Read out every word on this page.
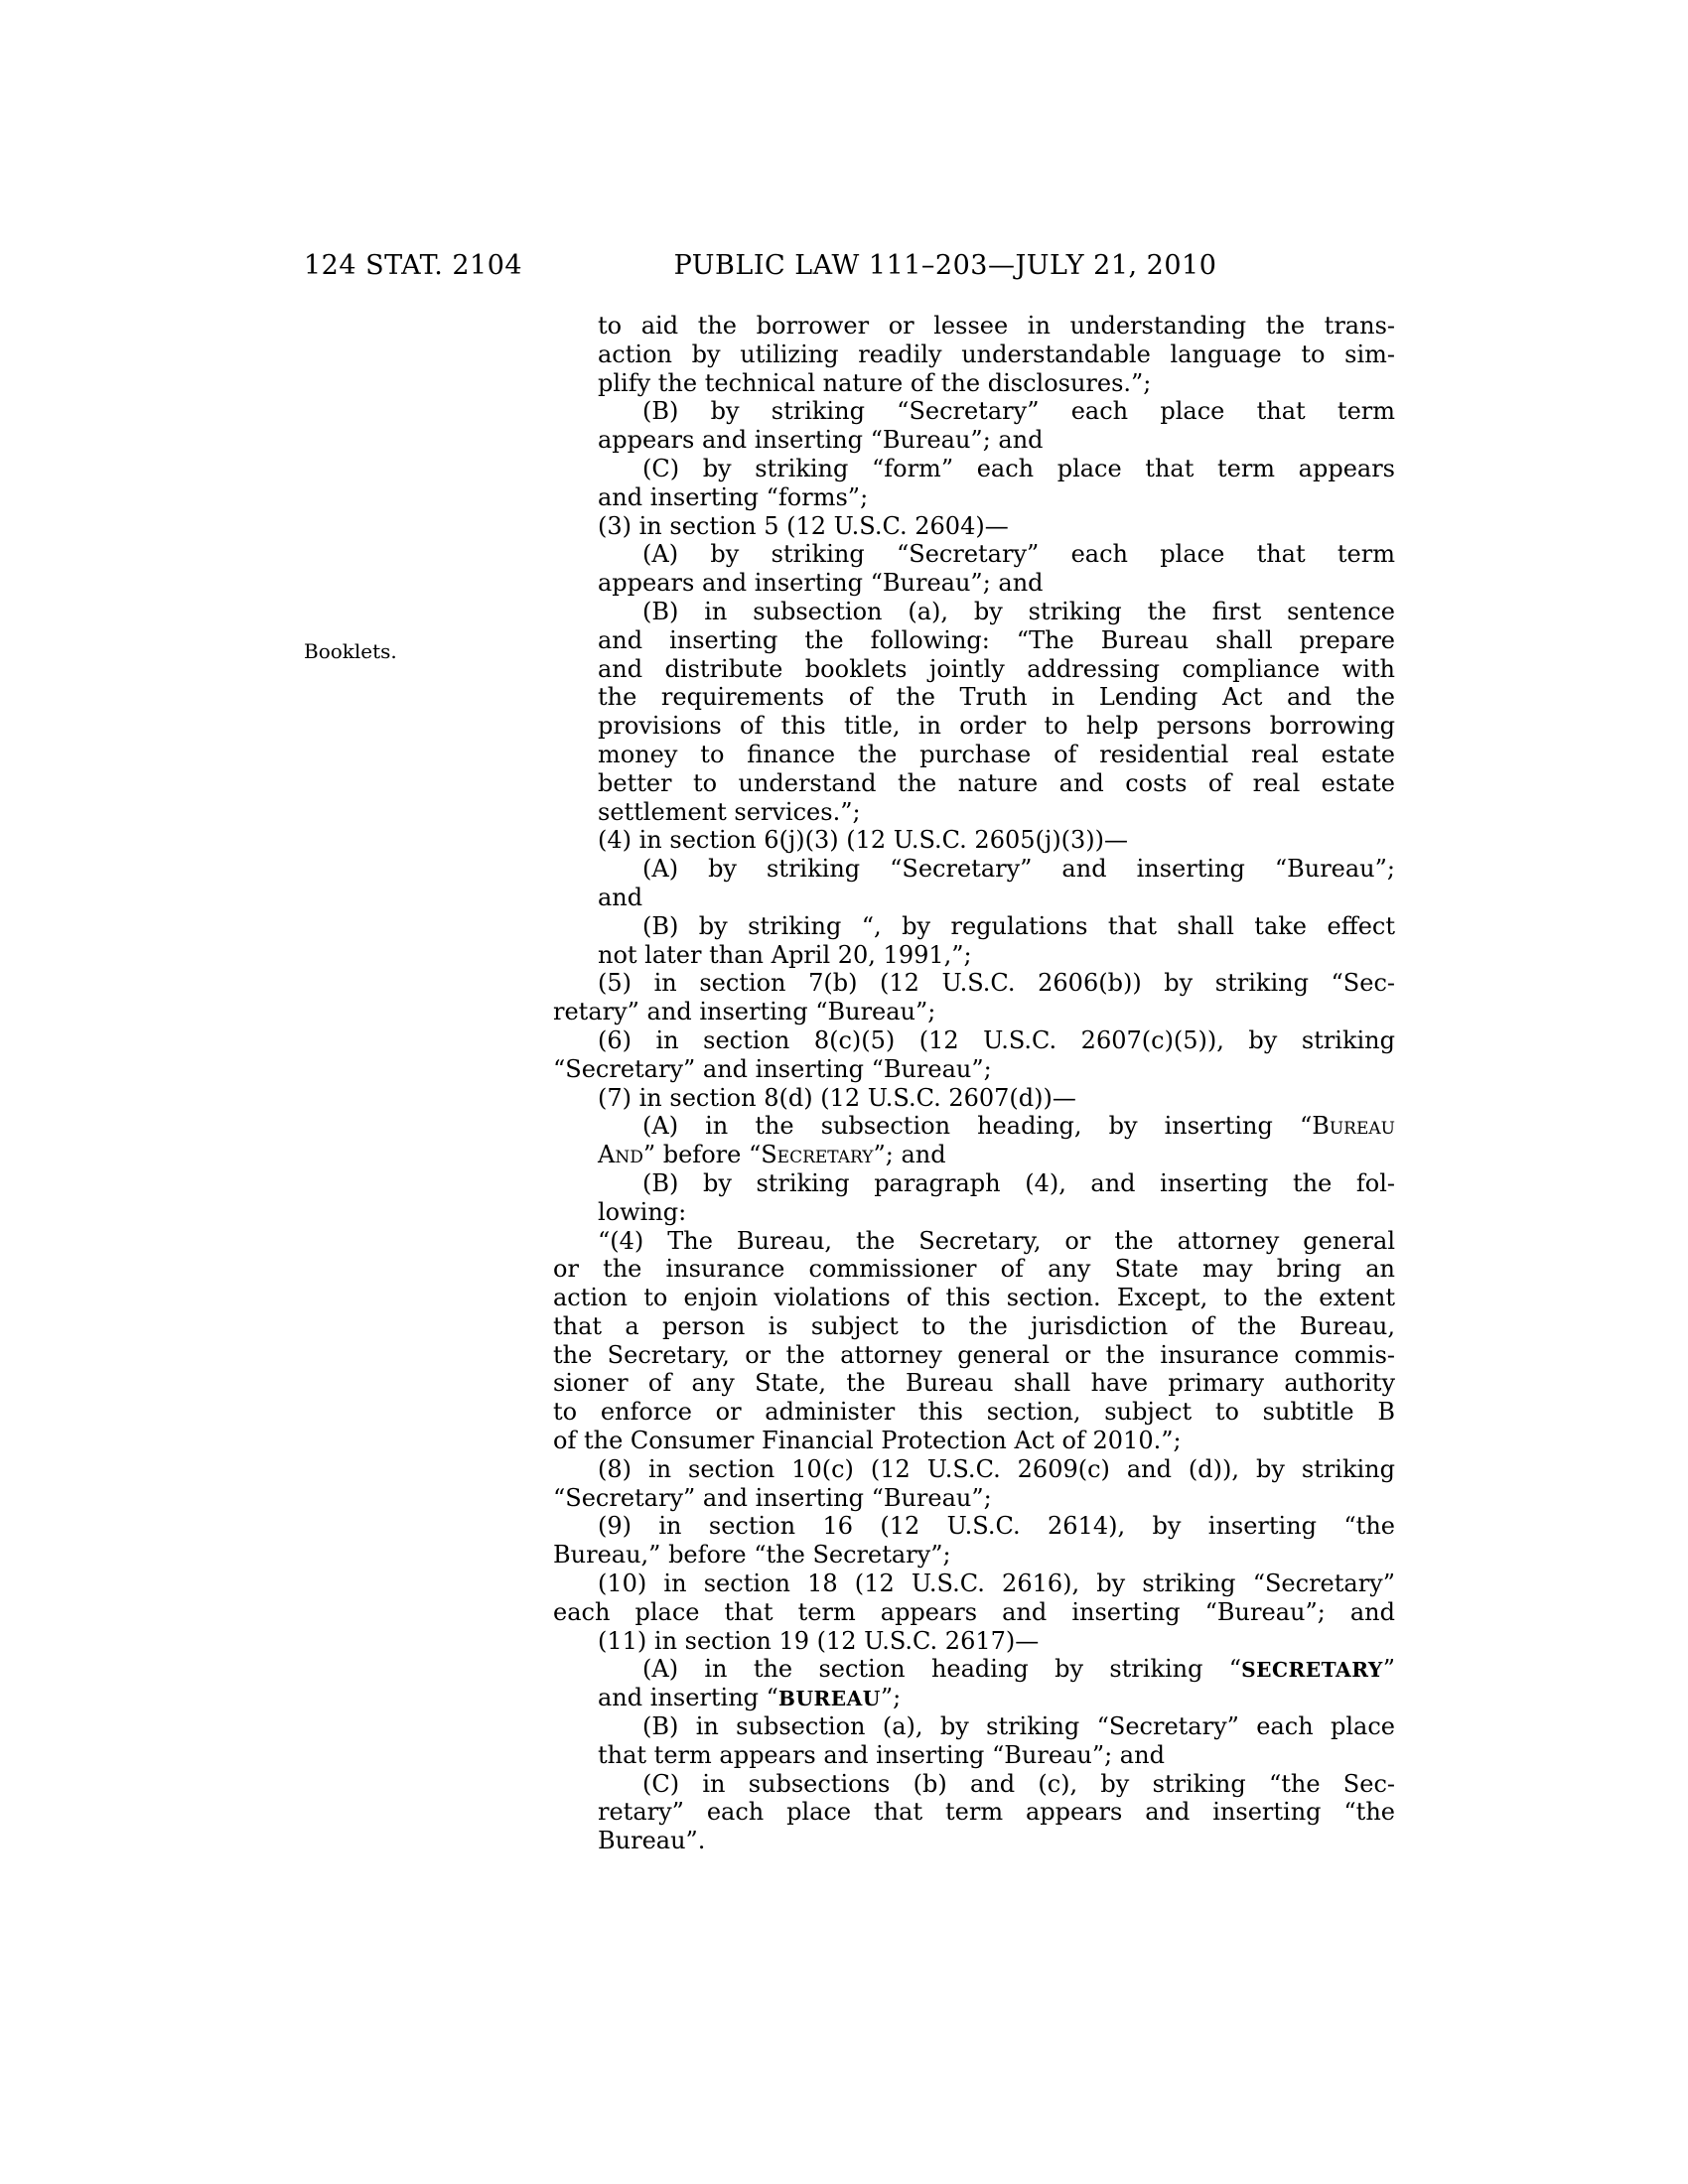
124 STAT. 2104	PUBLIC LAW 111–203—JULY 21, 2010
Booklets.
to aid the borrower or lessee in understanding the trans-
action by utilizing readily understandable language to sim-
plify the technical nature of the disclosures.”;
(B) by striking “Secretary” each place that term
appears and inserting “Bureau”; and
(C) by striking “form” each place that term appears
and inserting “forms”;
(3) in section 5 (12 U.S.C. 2604)—
(A) by striking “Secretary” each place that term
appears and inserting “Bureau”; and
(B) in subsection (a), by striking the first sentence
and inserting the following: “The Bureau shall prepare
and distribute booklets jointly addressing compliance with
the requirements of the Truth in Lending Act and the
provisions of this title, in order to help persons borrowing
money to finance the purchase of residential real estate
better to understand the nature and costs of real estate
settlement services.”;
(4) in section 6(j)(3) (12 U.S.C. 2605(j)(3))—
(A) by striking “Secretary” and inserting “Bureau”;
and
(B) by striking “, by regulations that shall take effect
not later than April 20, 1991,”;
(5) in section 7(b) (12 U.S.C. 2606(b)) by striking “Sec-
retary” and inserting “Bureau”;
(6) in section 8(c)(5) (12 U.S.C. 2607(c)(5)), by striking
“Secretary” and inserting “Bureau”;
(7) in section 8(d) (12 U.S.C. 2607(d))—
(A) in the subsection heading, by inserting “Bureau
And” before “Secretary”; and
(B) by striking paragraph (4), and inserting the fol-
lowing:
“(4) The Bureau, the Secretary, or the attorney general
or the insurance commissioner of any State may bring an
action to enjoin violations of this section. Except, to the extent
that a person is subject to the jurisdiction of the Bureau,
the Secretary, or the attorney general or the insurance commis-
sioner of any State, the Bureau shall have primary authority
to enforce or administer this section, subject to subtitle B
of the Consumer Financial Protection Act of 2010.”;
(8) in section 10(c) (12 U.S.C. 2609(c) and (d)), by striking
“Secretary” and inserting “Bureau”;
(9) in section 16 (12 U.S.C. 2614), by inserting “the
Bureau,” before “the Secretary”;
(10) in section 18 (12 U.S.C. 2616), by striking “Secretary”
each place that term appears and inserting “Bureau”; and
(11) in section 19 (12 U.S.C. 2617)—
(A) in the section heading by striking “SECRETARY”
and inserting “BUREAU”;
(B) in subsection (a), by striking “Secretary” each place
that term appears and inserting “Bureau”; and
(C) in subsections (b) and (c), by striking “the Sec-
retary” each place that term appears and inserting “the
Bureau”.
